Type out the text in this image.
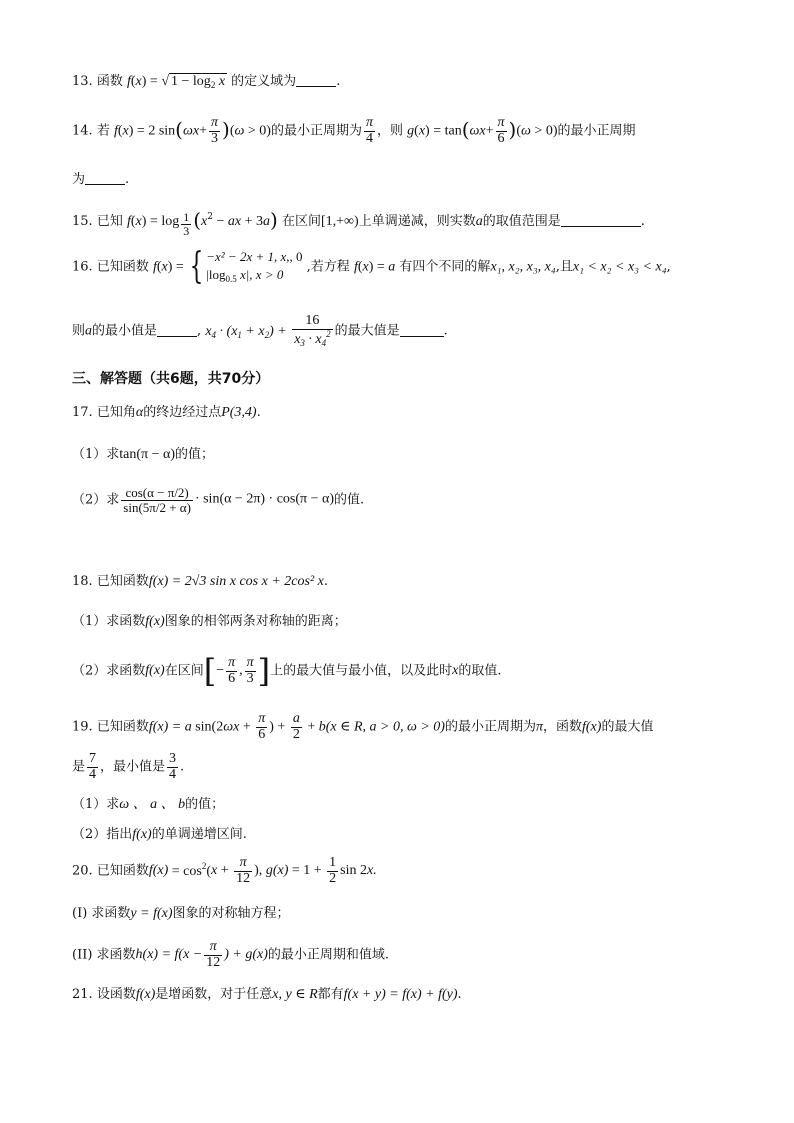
13. 函数 f(x) = √ $1 - \log_2 x$ 的定义域为	.
14. 若 f(x) = 2 $\sin(\omega x+ \frac{\pi}{3} )(\omega > 0)$的最小正周期为 $\frac{\pi}{4}$ ，则 $g(x) = \tan(\omega x+ \frac{\pi}{6} )(\omega > 0)$的最小正周期
为	.
15. 已知 $f(x) = \log \frac{1}{3} (x^2$ − ax + 3a) 在区间[1,+∞)上单调递减，则实数a的取值范围是	.
16. 已知函数 f(x) = { −x² − 2x + 1, x,, 0
$|\log_{0.5}$ x|, x > 0
,若方程 f(x) = a 有四个不同的解x₁, x₂, x₃, x₄,且x₁ < x₂ < x₃ < x₄,
则a的最小值是	, $x_4 \cdot (x_1 + x_2) + \frac{16}{x_3 \cdot x_4^2}$ 的最大值是	.
三、解答题（共6题，共70分）
17. 已知角α的终边经过点P(3,4).
（1）求tan(π − α)的值；
（2）求 $\frac{\cos(\alpha - \pi/2)}{\sin(5\pi/2 + \alpha)} \cdot \sin(\alpha - 2\pi) \cdot \cos(\pi - \alpha)$的值.
18. 已知函数f(x) = 2√3 sin x cos x + 2cos² x.
（1）求函数f(x)图象的相邻两条对称轴的距离；
（2）求函数f(x)在区间[− $\frac{\pi}{6}$ , $\frac{\pi}{3}$ ]上的最大值与最小值，以及此时x的取值.
19. 已知函数f(x) = a $\sin(2\omega x + \frac{\pi}{6}$ ) + $\frac{a}{2} + b(x$ ∈ R, a > 0, ω > 0)的最小正周期为π，函数f(x)的最大值
是 $\frac{7}{4}$ ，最小值是 $\frac{3}{4}$ .
（1）求ω 、 a 、 b的值；
（2）指出f(x)的单调递增区间.
20. 已知函数$f(x) = \cos^2(x + \frac{\pi}{12}$ ), $g(x) = 1 + \frac{1}{2}$ sin 2x.
(I) 求函数y = f(x)图象的对称轴方程；
(II) 求函数$h(x) = f(x - \frac{\pi}{12}$ ) + g(x)的最小正周期和值域.
21. 设函数f(x)是增函数，对于任意x, y ∈ R都有f(x + y) = f(x) + f(y).
